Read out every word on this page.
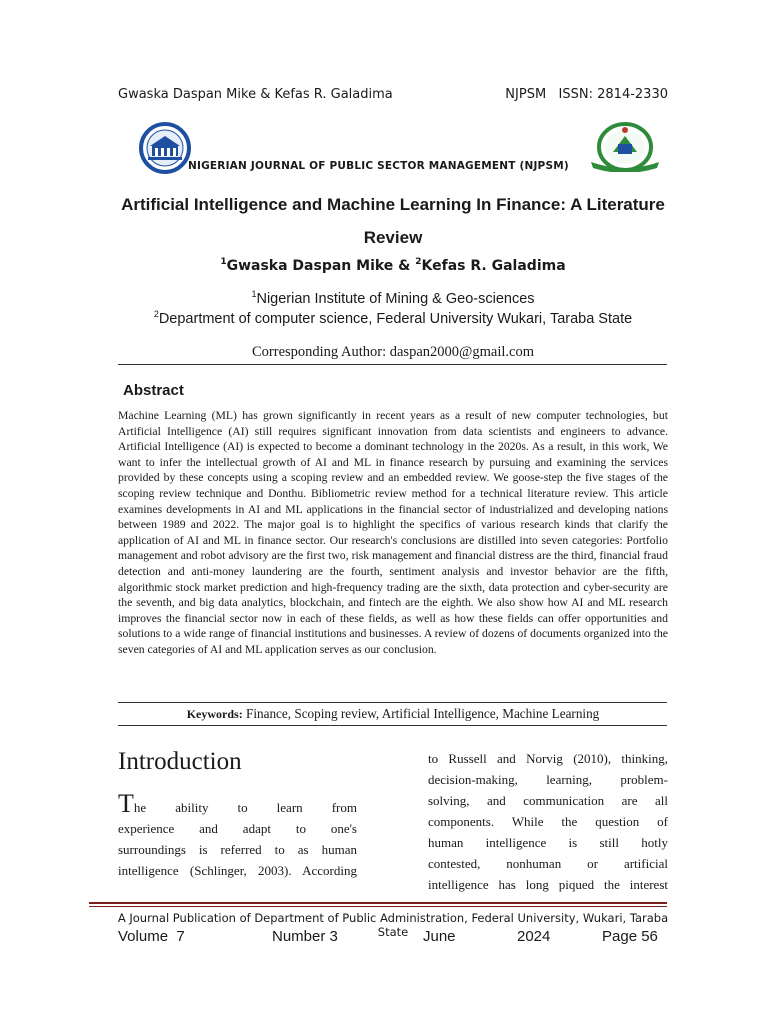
Gwaska Daspan Mike & Kefas R. Galadima	NJPSM   ISSN: 2814-2330
NIGERIAN JOURNAL OF PUBLIC SECTOR MANAGEMENT (NJPSM)
Artificial Intelligence and Machine Learning In Finance: A Literature Review
$^1$Gwaska Daspan Mike & $^2$Kefas R. Galadima
$^1$Nigerian Institute of Mining & Geo-sciences
$^2$Department of computer science, Federal University Wukari, Taraba State
Corresponding Author: daspan2000@gmail.com
Abstract
Machine Learning (ML) has grown significantly in recent years as a result of new computer technologies, but Artificial Intelligence (AI) still requires significant innovation from data scientists and engineers to advance. Artificial Intelligence (AI) is expected to become a dominant technology in the 2020s. As a result, in this work, We want to infer the intellectual growth of AI and ML in finance research by pursuing and examining the services provided by these concepts using a scoping review and an embedded review. We goose-step the five stages of the scoping review technique and Donthu. Bibliometric review method for a technical literature review. This article examines developments in AI and ML applications in the financial sector of industrialized and developing nations between 1989 and 2022. The major goal is to highlight the specifics of various research kinds that clarify the application of AI and ML in finance sector. Our research's conclusions are distilled into seven categories: Portfolio management and robot advisory are the first two, risk management and financial distress are the third, financial fraud detection and anti-money laundering are the fourth, sentiment analysis and investor behavior are the fifth, algorithmic stock market prediction and high-frequency trading are the sixth, data protection and cyber-security are the seventh, and big data analytics, blockchain, and fintech are the eighth. We also show how AI and ML research improves the financial sector now in each of these fields, as well as how these fields can offer opportunities and solutions to a wide range of financial institutions and businesses. A review of dozens of documents organized into the seven categories of AI and ML application serves as our conclusion.
Keywords: Finance, Scoping review, Artificial Intelligence, Machine Learning
Introduction
The ability to learn from
experience and adapt to one's
surroundings is referred to as human
intelligence (Schlinger, 2003). According
to Russell and Norvig (2010), thinking,
decision-making, learning, problem-
solving, and communication are all
components. While the question of
human intelligence is still hotly
contested, nonhuman or artificial
intelligence has long piqued the interest
A Journal Publication of Department of Public Administration, Federal University, Wukari, Taraba State
Volume  7	Number 3	June	2024	Page 56
